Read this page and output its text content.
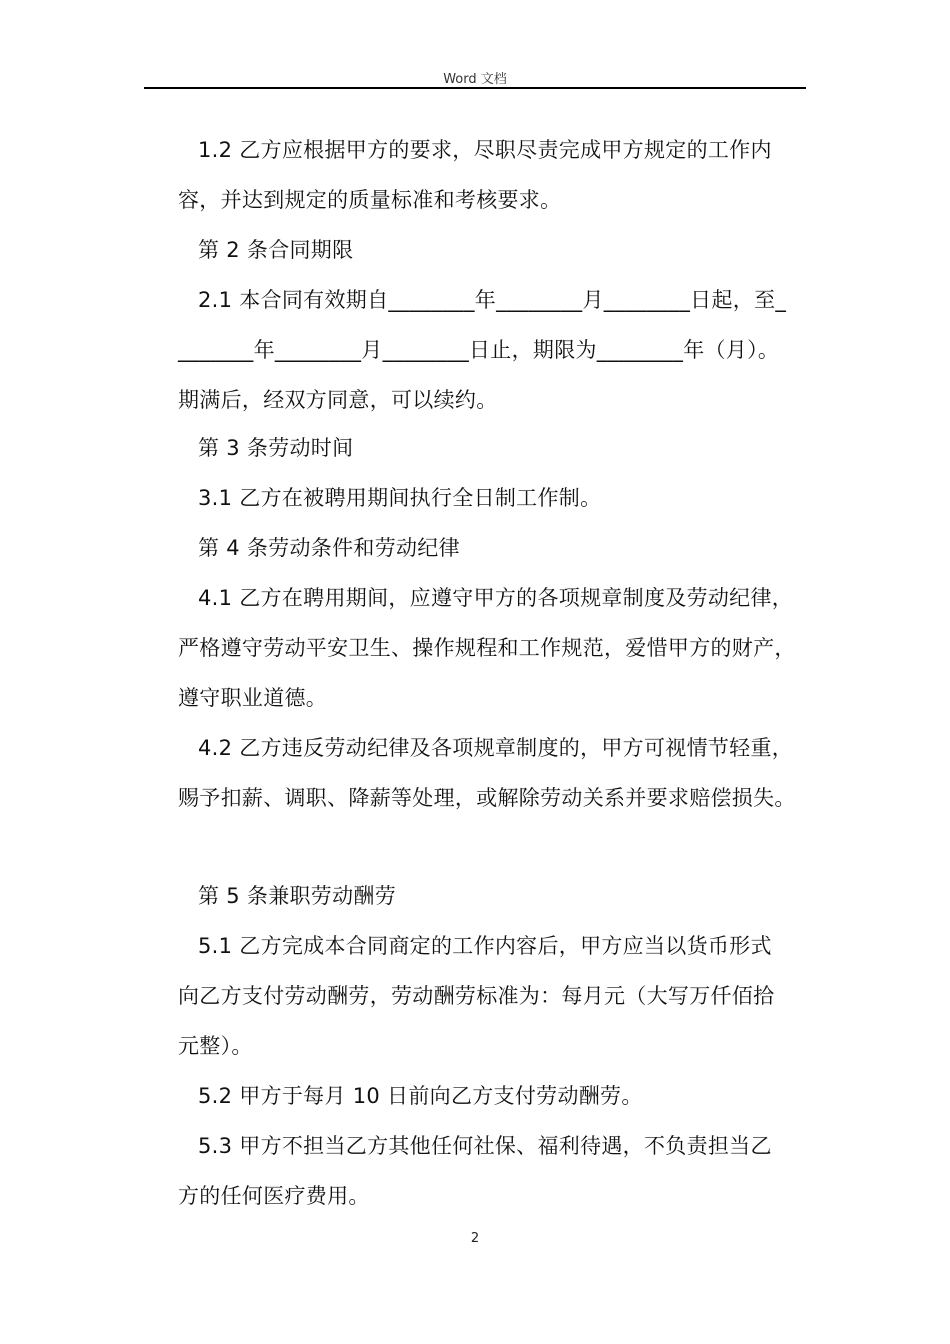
Word 文档
1.2 乙方应根据甲方的要求，尽职尽责完成甲方规定的工作内
容，并达到规定的质量标准和考核要求。
第 2 条合同期限
2.1 本合同有效期自________年________月________日起，至_
_______年________月________日止，期限为________年（月）。
期满后，经双方同意，可以续约。
第 3 条劳动时间
3.1 乙方在被聘用期间执行全日制工作制。
第 4 条劳动条件和劳动纪律
4.1 乙方在聘用期间，应遵守甲方的各项规章制度及劳动纪律，
严格遵守劳动平安卫生、操作规程和工作规范，爱惜甲方的财产，
遵守职业道德。
4.2 乙方违反劳动纪律及各项规章制度的，甲方可视情节轻重，
赐予扣薪、调职、降薪等处理，或解除劳动关系并要求赔偿损失。
第 5 条兼职劳动酬劳
5.1 乙方完成本合同商定的工作内容后，甲方应当以货币形式
向乙方支付劳动酬劳，劳动酬劳标准为：每月元（大写万仟佰拾
元整）。
5.2 甲方于每月 10 日前向乙方支付劳动酬劳。
5.3 甲方不担当乙方其他任何社保、福利待遇，不负责担当乙
方的任何医疗费用。
2
